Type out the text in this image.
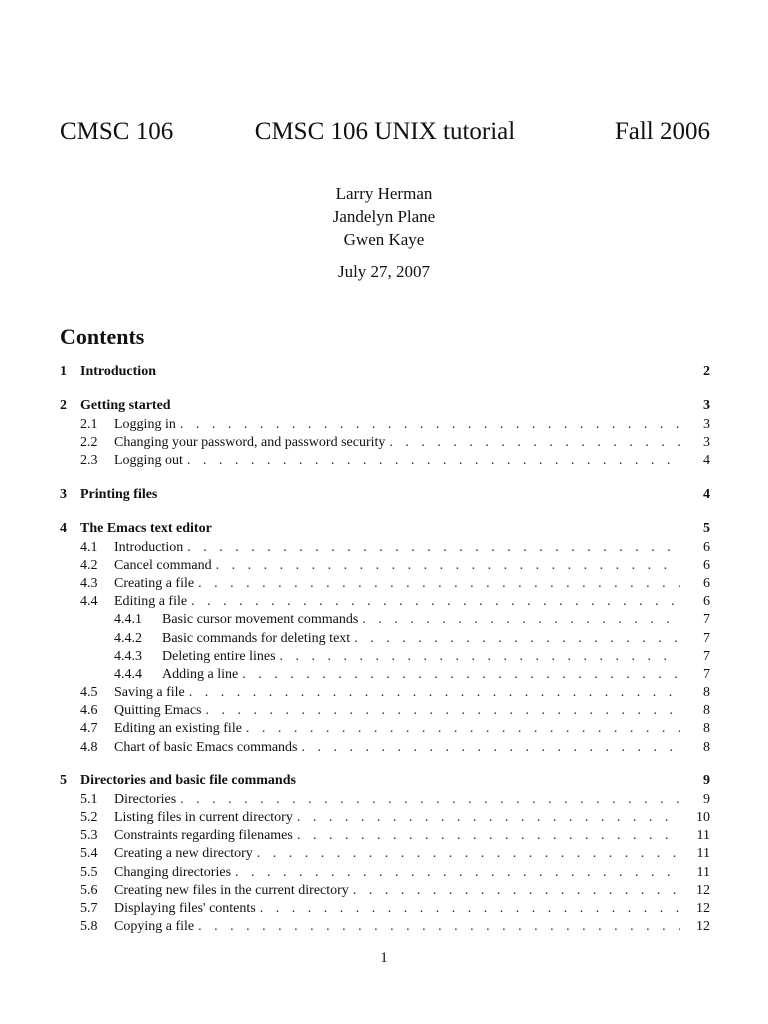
CMSC 106	CMSC 106 UNIX tutorial	Fall 2006
Larry Herman
Jandelyn Plane
Gwen Kaye
July 27, 2007
Contents
1 Introduction	2
2 Getting started	3
2.1	Logging in . . .	3
2.2	Changing your password, and password security . . .	3
2.3	Logging out . . .	4
3 Printing files	4
4 The Emacs text editor	5
4.1	Introduction . . .	6
4.2	Cancel command . . .	6
4.3	Creating a file . . .	6
4.4	Editing a file . . .	6
4.4.1	Basic cursor movement commands . . .	7
4.4.2	Basic commands for deleting text . . .	7
4.4.3	Deleting entire lines . . .	7
4.4.4	Adding a line . . .	7
4.5	Saving a file . . .	8
4.6	Quitting Emacs . . .	8
4.7	Editing an existing file . . .	8
4.8	Chart of basic Emacs commands . . .	8
5 Directories and basic file commands	9
5.1	Directories . . .	9
5.2	Listing files in current directory . . .	10
5.3	Constraints regarding filenames . . .	11
5.4	Creating a new directory . . .	11
5.5	Changing directories . . .	11
5.6	Creating new files in the current directory . . .	12
5.7	Displaying files' contents . . .	12
5.8	Copying a file . . .	12
1
